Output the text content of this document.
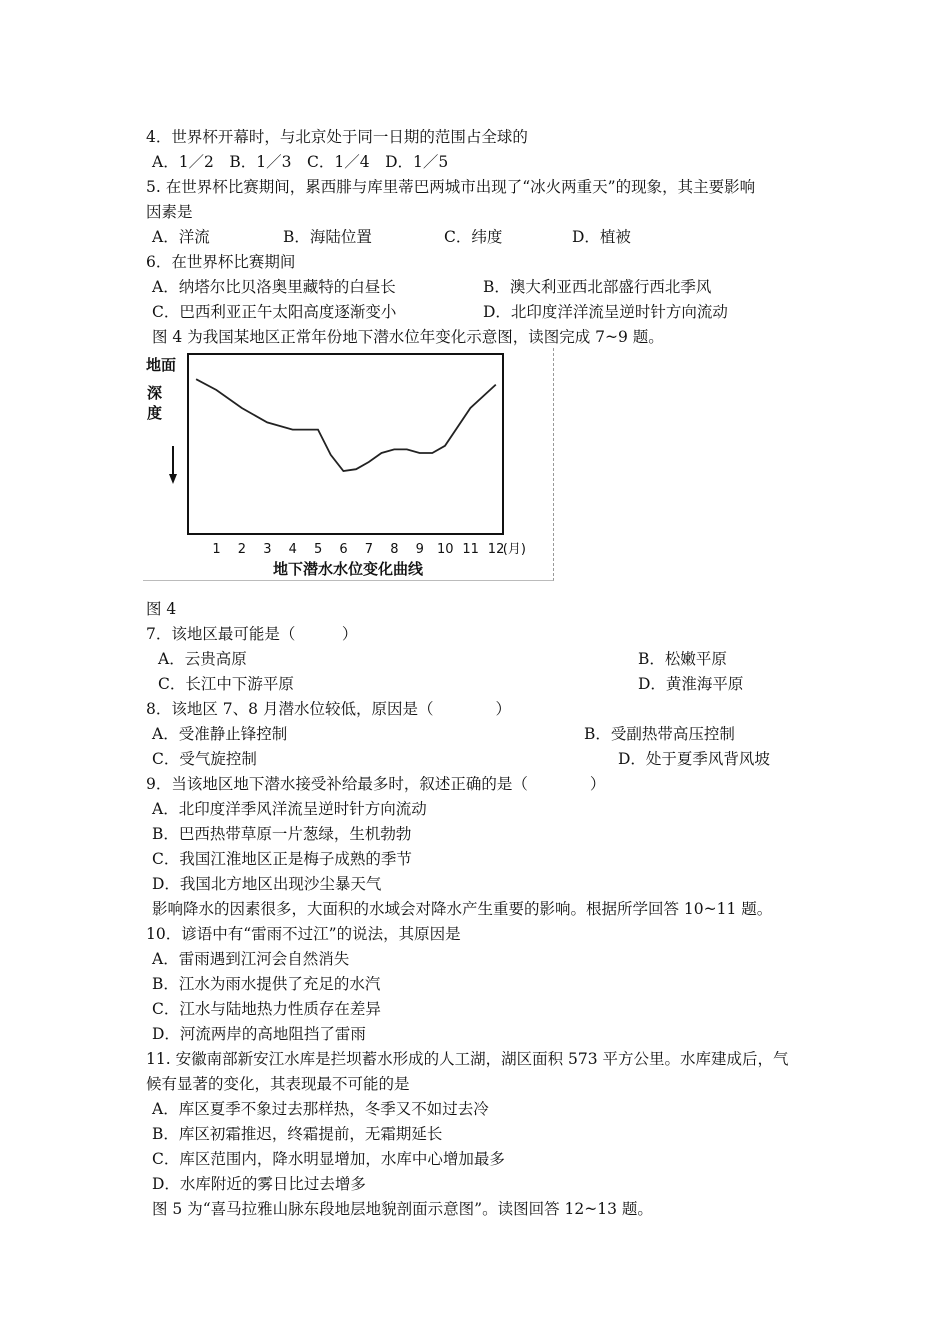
4．世界杯开幕时，与北京处于同一日期的范围占全球的
A．1／2　B．1／3　C．1／4　D．1／5
5. 在世界杯比赛期间，累西腓与库里蒂巴两城市出现了“冰火两重天”的现象，其主要影响
因素是
A．洋流	B．海陆位置	C．纬度	D．植被
6．在世界杯比赛期间
A．纳塔尔比贝洛奥里藏特的白昼长	B．澳大利亚西北部盛行西北季风
C．巴西利亚正午太阳高度逐渐变小	D．北印度洋洋流呈逆时针方向流动
图 4 为我国某地区正常年份地下潜水位年变化示意图，读图完成 7~9 题。
地面
深
度
1 2 3 4 5 6 7 8 9 10 11 12
(月)
地下潜水水位变化曲线
图 4
7．该地区最可能是（　　　）
A．云贵高原	B．松嫩平原
C．长江中下游平原	D．黄淮海平原
8．该地区 7、8 月潜水位较低，原因是（　　　　）
A．受准静止锋控制	B．受副热带高压控制
C．受气旋控制	D．处于夏季风背风坡
9．当该地区地下潜水接受补给最多时，叙述正确的是（　　　　）
A．北印度洋季风洋流呈逆时针方向流动
B．巴西热带草原一片葱绿，生机勃勃
C．我国江淮地区正是梅子成熟的季节
D．我国北方地区出现沙尘暴天气
影响降水的因素很多，大面积的水域会对降水产生重要的影响。根据所学回答 10~11 题。
10．谚语中有“雷雨不过江”的说法，其原因是
A．雷雨遇到江河会自然消失
B．江水为雨水提供了充足的水汽
C．江水与陆地热力性质存在差异
D．河流两岸的高地阻挡了雷雨
11. 安徽南部新安江水库是拦坝蓄水形成的人工湖，湖区面积 573 平方公里。水库建成后，气
候有显著的变化，其表现最不可能的是
A．库区夏季不象过去那样热，冬季又不如过去冷
B．库区初霜推迟，终霜提前，无霜期延长
C．库区范围内，降水明显增加，水库中心增加最多
D．水库附近的雾日比过去增多
图 5 为“喜马拉雅山脉东段地层地貌剖面示意图”。读图回答 12~13 题。
